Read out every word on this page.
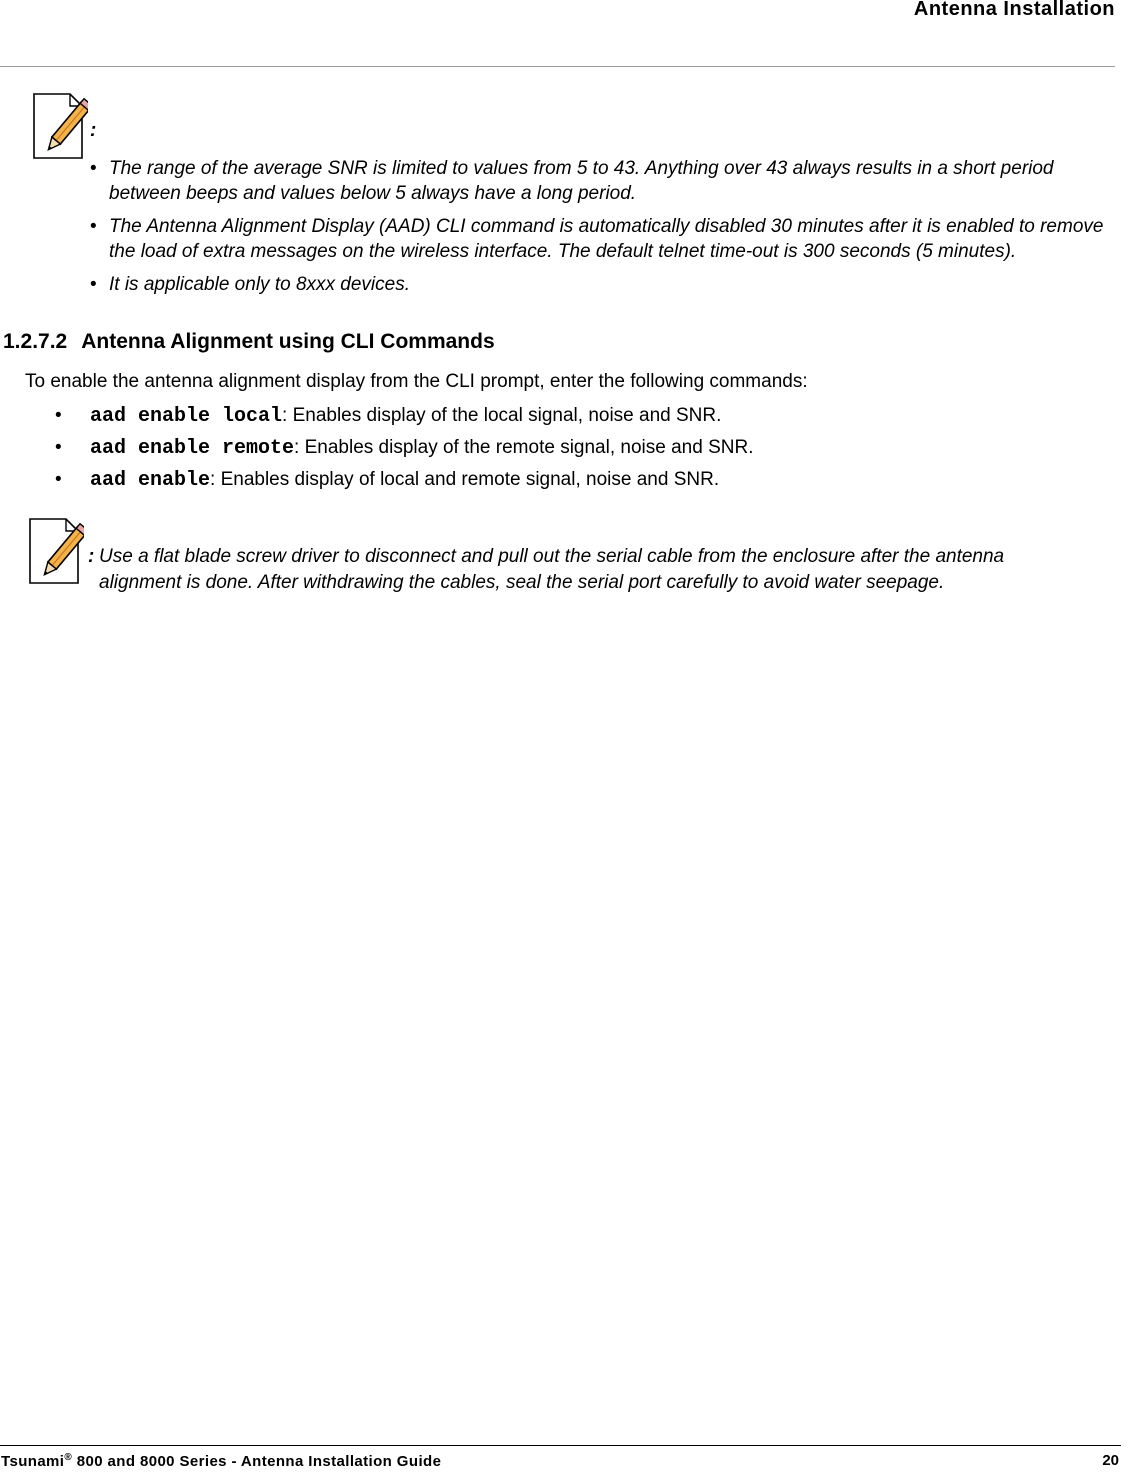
Antenna Installation
:
• The range of the average SNR is limited to values from 5 to 43. Anything over 43 always results in a short period between beeps and values below 5 always have a long period.
• The Antenna Alignment Display (AAD) CLI command is automatically disabled 30 minutes after it is enabled to remove the load of extra messages on the wireless interface. The default telnet time-out is 300 seconds (5 minutes).
• It is applicable only to 8xxx devices.
1.2.7.2 Antenna Alignment using CLI Commands
To enable the antenna alignment display from the CLI prompt, enter the following commands:
• aad enable local: Enables display of the local signal, noise and SNR.
• aad enable remote: Enables display of the remote signal, noise and SNR.
• aad enable: Enables display of local and remote signal, noise and SNR.
: Use a flat blade screw driver to disconnect and pull out the serial cable from the enclosure after the antenna alignment is done. After withdrawing the cables, seal the serial port carefully to avoid water seepage.
Tsunami® 800 and 8000 Series - Antenna Installation Guide	20
